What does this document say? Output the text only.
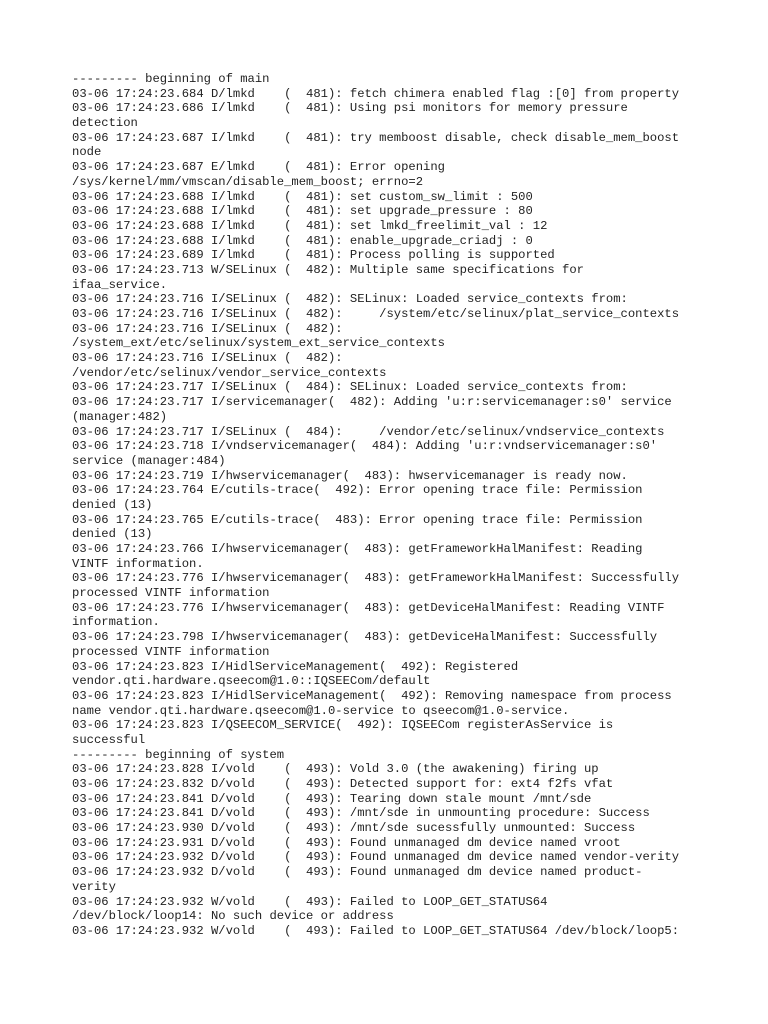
--------- beginning of main
03-06 17:24:23.684 D/lmkd    (  481): fetch chimera enabled flag :[0] from property
03-06 17:24:23.686 I/lmkd    (  481): Using psi monitors for memory pressure
detection
03-06 17:24:23.687 I/lmkd    (  481): try memboost disable, check disable_mem_boost
node
03-06 17:24:23.687 E/lmkd    (  481): Error opening
/sys/kernel/mm/vmscan/disable_mem_boost; errno=2
03-06 17:24:23.688 I/lmkd    (  481): set custom_sw_limit : 500
03-06 17:24:23.688 I/lmkd    (  481): set upgrade_pressure : 80
03-06 17:24:23.688 I/lmkd    (  481): set lmkd_freelimit_val : 12
03-06 17:24:23.688 I/lmkd    (  481): enable_upgrade_criadj : 0
03-06 17:24:23.689 I/lmkd    (  481): Process polling is supported
03-06 17:24:23.713 W/SELinux (  482): Multiple same specifications for
ifaa_service.
03-06 17:24:23.716 I/SELinux (  482): SELinux: Loaded service_contexts from:
03-06 17:24:23.716 I/SELinux (  482):     /system/etc/selinux/plat_service_contexts
03-06 17:24:23.716 I/SELinux (  482):
/system_ext/etc/selinux/system_ext_service_contexts
03-06 17:24:23.716 I/SELinux (  482):
/vendor/etc/selinux/vendor_service_contexts
03-06 17:24:23.717 I/SELinux (  484): SELinux: Loaded service_contexts from:
03-06 17:24:23.717 I/servicemanager(  482): Adding 'u:r:servicemanager:s0' service
(manager:482)
03-06 17:24:23.717 I/SELinux (  484):     /vendor/etc/selinux/vndservice_contexts
03-06 17:24:23.718 I/vndservicemanager(  484): Adding 'u:r:vndservicemanager:s0'
service (manager:484)
03-06 17:24:23.719 I/hwservicemanager(  483): hwservicemanager is ready now.
03-06 17:24:23.764 E/cutils-trace(  492): Error opening trace file: Permission
denied (13)
03-06 17:24:23.765 E/cutils-trace(  483): Error opening trace file: Permission
denied (13)
03-06 17:24:23.766 I/hwservicemanager(  483): getFrameworkHalManifest: Reading
VINTF information.
03-06 17:24:23.776 I/hwservicemanager(  483): getFrameworkHalManifest: Successfully
processed VINTF information
03-06 17:24:23.776 I/hwservicemanager(  483): getDeviceHalManifest: Reading VINTF
information.
03-06 17:24:23.798 I/hwservicemanager(  483): getDeviceHalManifest: Successfully
processed VINTF information
03-06 17:24:23.823 I/HidlServiceManagement(  492): Registered
vendor.qti.hardware.qseecom@1.0::IQSEECom/default
03-06 17:24:23.823 I/HidlServiceManagement(  492): Removing namespace from process
name vendor.qti.hardware.qseecom@1.0-service to qseecom@1.0-service.
03-06 17:24:23.823 I/QSEECOM_SERVICE(  492): IQSEECom registerAsService is
successful
--------- beginning of system
03-06 17:24:23.828 I/vold    (  493): Vold 3.0 (the awakening) firing up
03-06 17:24:23.832 D/vold    (  493): Detected support for: ext4 f2fs vfat
03-06 17:24:23.841 D/vold    (  493): Tearing down stale mount /mnt/sde
03-06 17:24:23.841 D/vold    (  493): /mnt/sde in unmounting procedure: Success
03-06 17:24:23.930 D/vold    (  493): /mnt/sde sucessfully unmounted: Success
03-06 17:24:23.931 D/vold    (  493): Found unmanaged dm device named vroot
03-06 17:24:23.932 D/vold    (  493): Found unmanaged dm device named vendor-verity
03-06 17:24:23.932 D/vold    (  493): Found unmanaged dm device named product-
verity
03-06 17:24:23.932 W/vold    (  493): Failed to LOOP_GET_STATUS64
/dev/block/loop14: No such device or address
03-06 17:24:23.932 W/vold    (  493): Failed to LOOP_GET_STATUS64 /dev/block/loop5:
